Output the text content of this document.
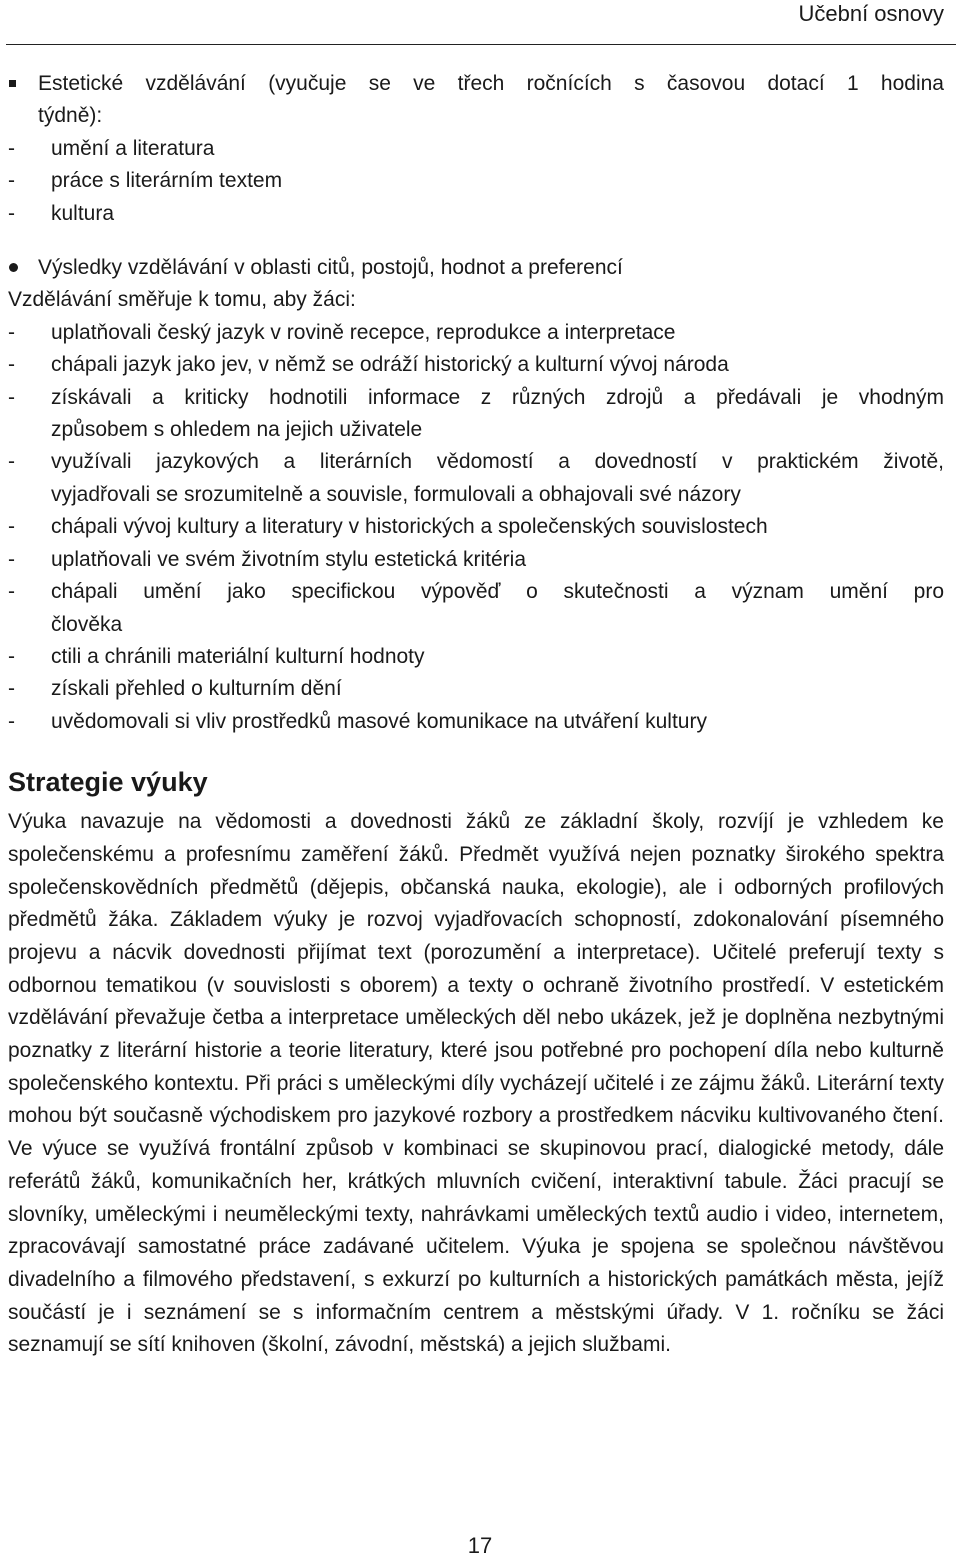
Učební osnovy
Estetické vzdělávání (vyučuje se ve třech ročnících s časovou dotací 1 hodina
týdně):
-	umění a literatura
-	práce s literárním textem
-	kultura
Výsledky vzdělávání v oblasti citů, postojů, hodnot a preferencí
Vzdělávání směřuje k tomu, aby žáci:
-	uplatňovali český jazyk v rovině recepce, reprodukce a interpretace
-	chápali jazyk jako jev, v němž se odráží historický a kulturní vývoj národa
-	získávali a kriticky hodnotili informace z různých zdrojů a předávali je vhodným
způsobem s ohledem na jejich uživatele
-	využívali jazykových a literárních vědomostí a dovedností v praktickém životě,
vyjadřovali se srozumitelně a souvisle, formulovali a obhajovali své názory
-	chápali vývoj kultury a literatury v historických a společenských souvislostech
-	uplatňovali ve svém životním stylu estetická kritéria
-	chápali umění jako specifickou výpověď o skutečnosti a význam umění pro
člověka
-	ctili a chránili materiální kulturní hodnoty
-	získali přehled o kulturním dění
-	uvědomovali si vliv prostředků masové komunikace na utváření kultury
Strategie výuky
Výuka navazuje na vědomosti a dovednosti žáků ze základní školy, rozvíjí je vzhledem ke společenskému a profesnímu zaměření žáků. Předmět využívá nejen poznatky širokého spektra společenskovědních předmětů (dějepis, občanská nauka, ekologie), ale i odborných profilových předmětů žáka. Základem výuky je rozvoj vyjadřovacích schopností, zdokonalování písemného projevu a nácvik dovednosti přijímat text (porozumění a interpretace). Učitelé preferují texty s odbornou tematikou (v souvislosti s oborem) a texty o ochraně životního prostředí. V estetickém vzdělávání převažuje četba a interpretace uměleckých děl nebo ukázek, jež je doplněna nezbytnými poznatky z literární historie a teorie literatury, které jsou potřebné pro pochopení díla nebo kulturně společenského kontextu. Při práci s uměleckými díly vycházejí učitelé i ze zájmu žáků. Literární texty mohou být současně východiskem pro jazykové rozbory a prostředkem nácviku kultivovaného čtení. Ve výuce se využívá frontální způsob v kombinaci se skupinovou prací, dialogické metody, dále referátů žáků, komunikačních her, krátkých mluvních cvičení, interaktivní tabule. Žáci pracují se slovníky, uměleckými i neuměleckými texty, nahrávkami uměleckých textů audio i video, internetem, zpracovávají samostatné práce zadávané učitelem. Výuka je spojena se společnou návštěvou divadelního a filmového představení, s exkurzí po kulturních a historických památkách města, jejíž součástí je i seznámení se s informačním centrem a městskými úřady. V 1. ročníku se žáci seznamují se sítí knihoven (školní, závodní, městská) a jejich službami.
17
